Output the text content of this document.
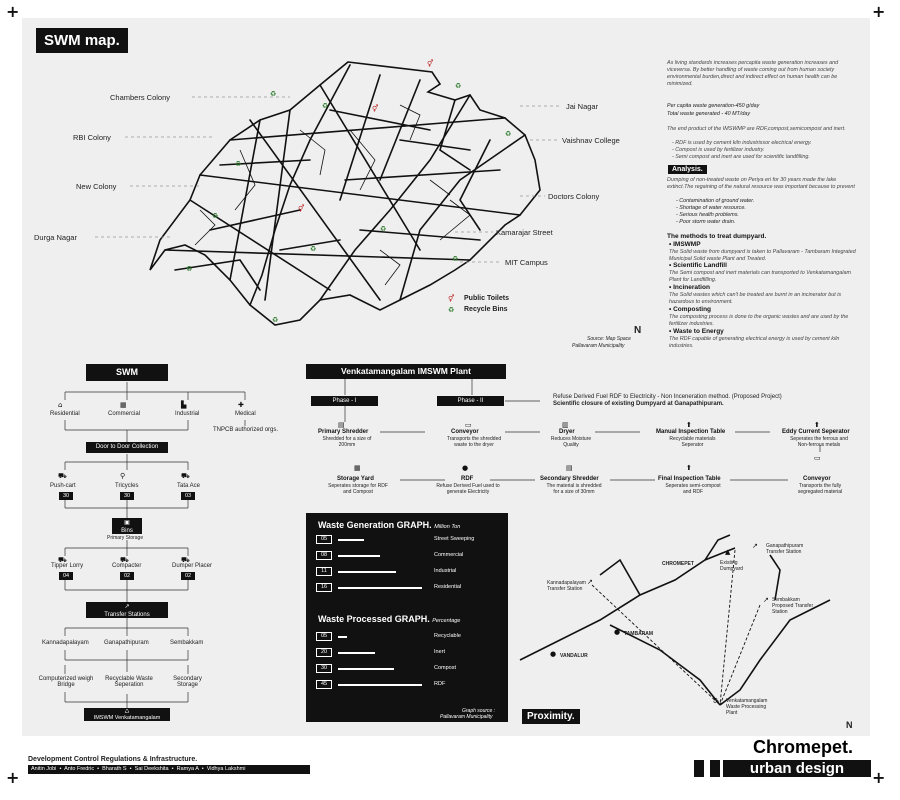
+	+
+	+
SWM map.
♻
♻
♻
♻
♻
♻
♻
♻
♻
♻
♻
⚥
⚥
⚥
Chambers Colony
RBI Colony
New Colony
Durga Nagar
Jai Nagar
Vaishnav College
Doctors Colony
Kamarajar Street
MIT Campus
⚥ Public Toilets
♻ Recycle Bins
N
Source: Map Space
Pallavaram Municipality
As living standards increases percapita waste generation increases and viceversa. By better handling of waste coming out from human society environmental burden,direct and indirect effect on human health can be minimized.
Per capita waste generation-450 g/day
Total waste generated - 40 MT/day
The end product of the IMSWMP are RDF,compost,semicompost and inert.
- RDF is used by cement kiln industrissor electrical energy.
- Compost is used by fertilizer industry.
- Semi compost and inert are used for scientific landfilling.
Analysis.
Dumping of non-treated waste on Periya eri for 30 years made the lake extinct.The regaining of the natural resource was important because to prevent
- Contamination of ground water.
- Shortage of water resource.
- Serious health problems.
- Poor storm water drain.
The methods to treat dumpyard.
• IMSWMP
The Solid waste from dumpyard is taken to Pallavaram - Tambaram Integrated Municipal Solid waste Plant and Treated.
• Scientific Landfill
The Semi compost and inert materials can transported to Venkatamangalam Plant for Landfilling.
• Incineration
The Solid wastes which can't be treated are burnt in an incinerator but is hazardous to environment.
• Composting
The composting process is done to the organic wastes and are used by the fertilizer industries.
• Waste to Energy
The RDF capable of generating electrical energy is used by cement kiln industries.
SWM
⌂	▦	▙	✚
Residential	Commercial	Industrial	Medical
TNPCB authorized orgs.
Door to Door Collection
⛟	⚲	⛟
Push-cart	Tricycles	Tata Ace
30	30	03
▣
Bins
Primary Storage
⛟	⛟	⛟
Tipper Lorry	Compacter	Dumper Placer
04	02	02
↗
Transfer Stations
Kannadapalayam	Ganapathipuram	Sembakkam
Computerized weigh Bridge
Recyclable Waste Seperation
Secondary Storage
♺
IMSWM Venkatamangalam
Venkatamangalam IMSWM Plant
Phase - I	Phase - II
Refuse Derived Fuel RDF to Electricity - Non Inceneration method. (Proposed Project)
Scientific closure of existing Dumpyard at Ganapathipuram.
▤
Primary Shredder
Shredded for a size of 200mm
▭
Conveyor
Transports the shredded waste to the dryer
▥
Dryer
Reduces Moisture Quality
⬆
Manual Inspection Table
Recyclable materials Seperator
⬆
Eddy Current Seperator
Seperates the ferrous and Non-ferrous metals
▭
Conveyor
Transports the fully segregated material
⬆
Final Inspection Table
Seperates semi-compost and RDF
▤
Secondary Shredder
The material is shredded for a size of 30mm
●
RDF
Refuse Derived Fuel used to generate Electricity
▦
Storage Yard
Seperates storage for RDF and Compost
Waste Generation GRAPH. Million Ton
05	Street Sweeping
08	Commercial
11	Industrial
16	Residential
Waste Processed GRAPH. Percentage
05	Recyclable
20	Inert
30	Compost
45	RDF
Graph source :
Pallavaram Municipality
▲
CHROMEPET	Existing Dumpyard
↗ Ganapathipuram Transfer Station
↗
Kannadapalayam Transfer Station
● TAMBARAM
↗ Sembakkam Proposed Transfer Station
● VANDALUR
♺ Venkatamangalam Waste Processing Plant
Proximity.
N
Development Control Regulations & Infrastructure.
Anitin Jobi  •  Anto Fredric  •  Bharath S  •  Sai Deekshita  •  Ramya A  •  Vidhya Lakshmi
Chromepet.
urban design
